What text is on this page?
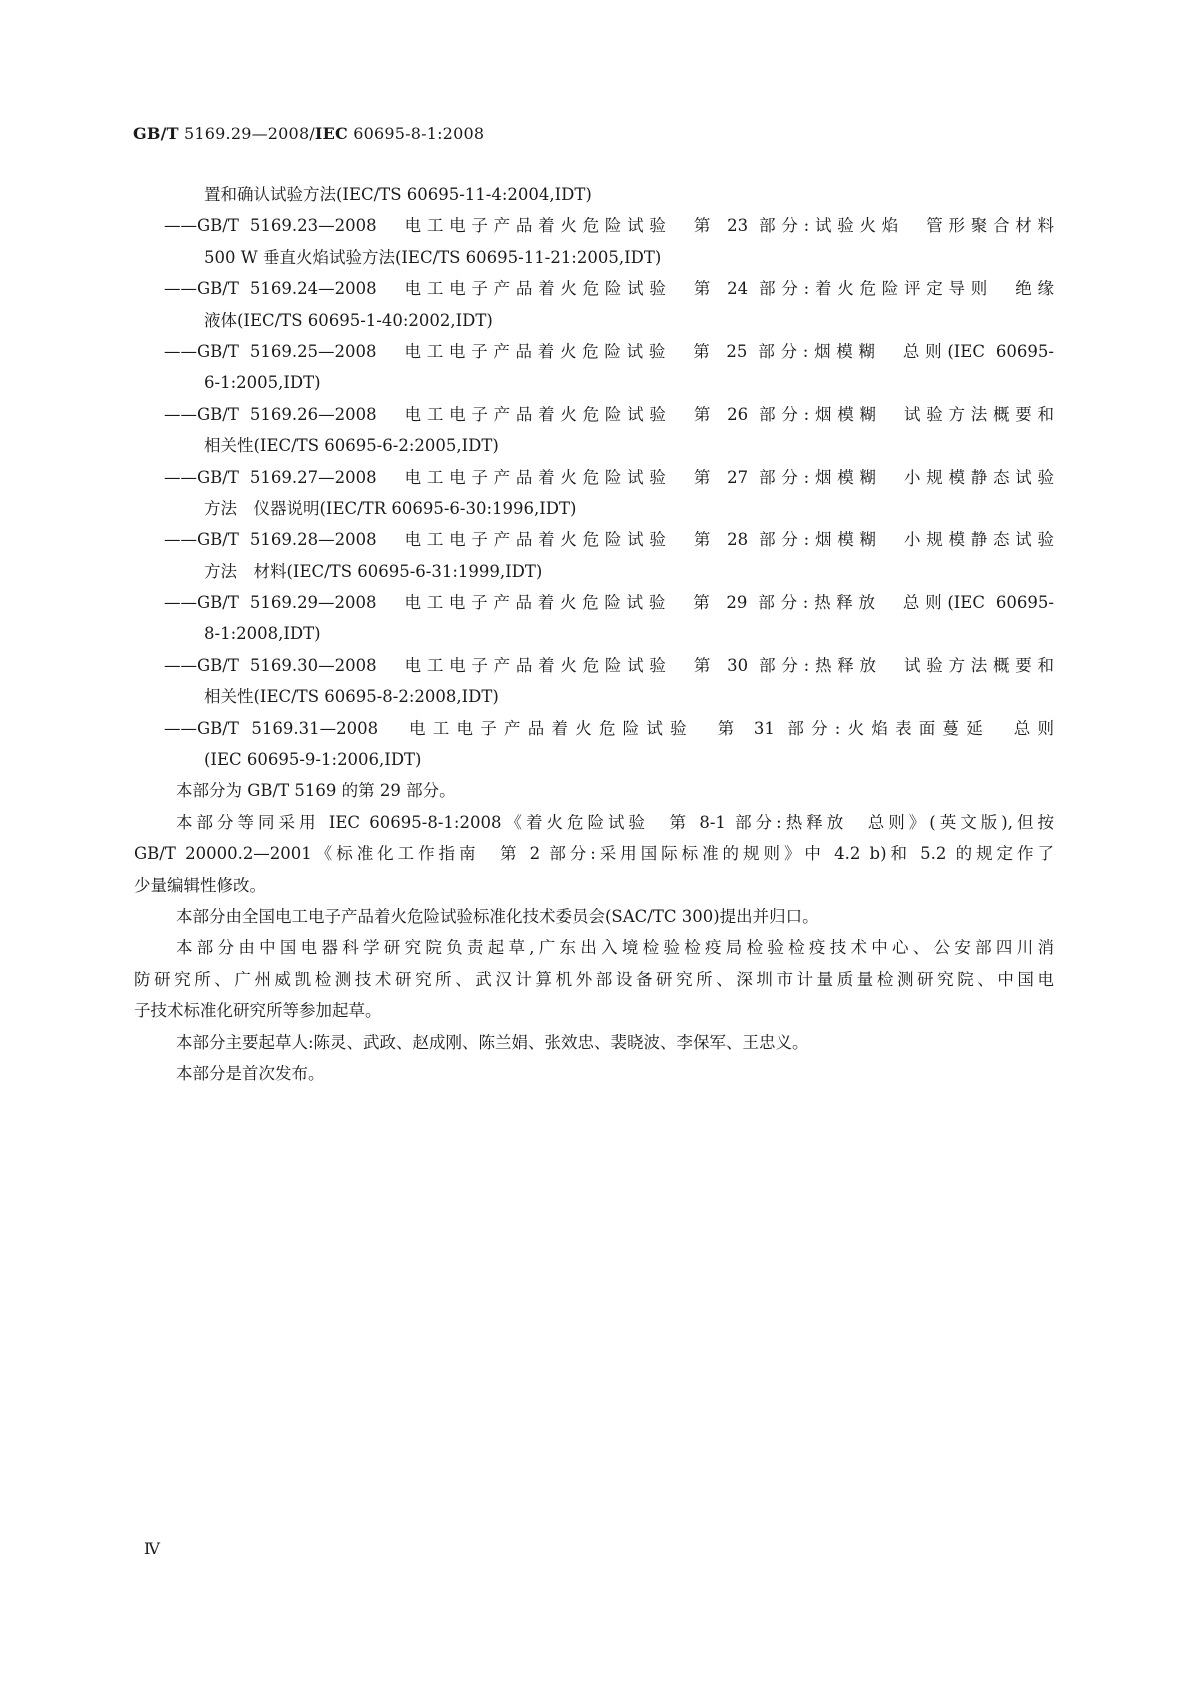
GB/T 5169.29—2008/IEC 60695-8-1:2008
置和确认试验方法(IEC/TS 60695-11-4:2004,IDT)
——GB/T 5169.23—2008　电工电子产品着火危险试验　第 23 部分:试验火焰　管形聚合材料
500 W 垂直火焰试验方法(IEC/TS 60695-11-21:2005,IDT)
——GB/T 5169.24—2008　电工电子产品着火危险试验　第 24 部分:着火危险评定导则　绝缘
液体(IEC/TS 60695-1-40:2002,IDT)
——GB/T 5169.25—2008　电工电子产品着火危险试验　第 25 部分:烟模糊　总则(IEC 60695-
6-1:2005,IDT)
——GB/T 5169.26—2008　电工电子产品着火危险试验　第 26 部分:烟模糊　试验方法概要和
相关性(IEC/TS 60695-6-2:2005,IDT)
——GB/T 5169.27—2008　电工电子产品着火危险试验　第 27 部分:烟模糊　小规模静态试验
方法　仪器说明(IEC/TR 60695-6-30:1996,IDT)
——GB/T 5169.28—2008　电工电子产品着火危险试验　第 28 部分:烟模糊　小规模静态试验
方法　材料(IEC/TS 60695-6-31:1999,IDT)
——GB/T 5169.29—2008　电工电子产品着火危险试验　第 29 部分:热释放　总则(IEC 60695-
8-1:2008,IDT)
——GB/T 5169.30—2008　电工电子产品着火危险试验　第 30 部分:热释放　试验方法概要和
相关性(IEC/TS 60695-8-2:2008,IDT)
——GB/T 5169.31—2008　电工电子产品着火危险试验　第 31 部分:火焰表面蔓延　总则
(IEC 60695-9-1:2006,IDT)
本部分为 GB/T 5169 的第 29 部分。
本部分等同采用 IEC 60695-8-1:2008《着火危险试验　第 8-1 部分:热释放　总则》(英文版),但按
GB/T 20000.2—2001《标准化工作指南　第 2 部分:采用国际标准的规则》中 4.2 b)和 5.2 的规定作了
少量编辑性修改。
本部分由全国电工电子产品着火危险试验标准化技术委员会(SAC/TC 300)提出并归口。
本部分由中国电器科学研究院负责起草,广东出入境检验检疫局检验检疫技术中心、公安部四川消
防研究所、广州威凯检测技术研究所、武汉计算机外部设备研究所、深圳市计量质量检测研究院、中国电
子技术标准化研究所等参加起草。
本部分主要起草人:陈灵、武政、赵成刚、陈兰娟、张效忠、裴晓波、李保军、王忠义。
本部分是首次发布。
Ⅳ
